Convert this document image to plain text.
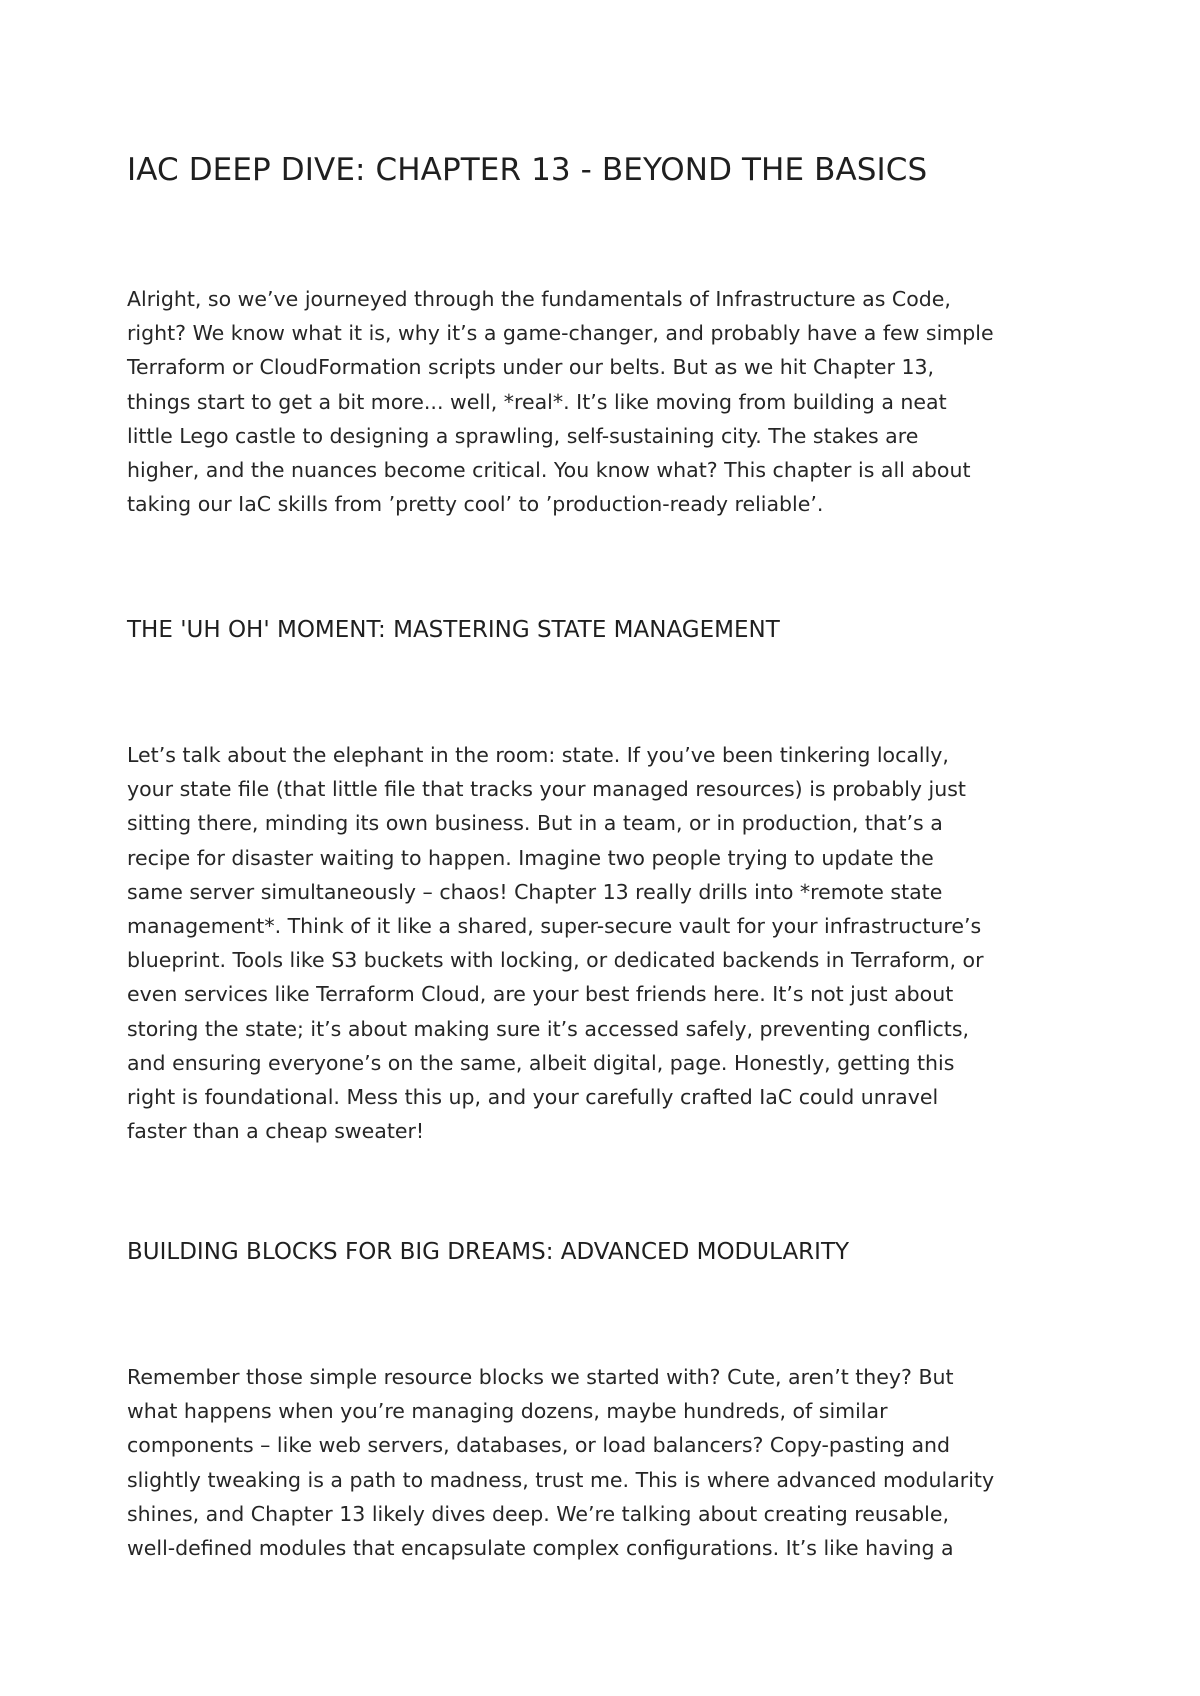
IAC DEEP DIVE: CHAPTER 13 - BEYOND THE BASICS

Alright, so we’ve journeyed through the fundamentals of Infrastructure as Code,
right? We know what it is, why it’s a game-changer, and probably have a few simple
Terraform or CloudFormation scripts under our belts. But as we hit Chapter 13,
things start to get a bit more... well, *real*. It’s like moving from building a neat
little Lego castle to designing a sprawling, self-sustaining city. The stakes are
higher, and the nuances become critical. You know what? This chapter is all about
taking our IaC skills from ’pretty cool’ to ’production-ready reliable’.

THE 'UH OH' MOMENT: MASTERING STATE MANAGEMENT

Let’s talk about the elephant in the room: state. If you’ve been tinkering locally,
your state file (that little file that tracks your managed resources) is probably just
sitting there, minding its own business. But in a team, or in production, that’s a
recipe for disaster waiting to happen. Imagine two people trying to update the
same server simultaneously – chaos! Chapter 13 really drills into *remote state
management*. Think of it like a shared, super-secure vault for your infrastructure’s
blueprint. Tools like S3 buckets with locking, or dedicated backends in Terraform, or
even services like Terraform Cloud, are your best friends here. It’s not just about
storing the state; it’s about making sure it’s accessed safely, preventing conflicts,
and ensuring everyone’s on the same, albeit digital, page. Honestly, getting this
right is foundational. Mess this up, and your carefully crafted IaC could unravel
faster than a cheap sweater!

BUILDING BLOCKS FOR BIG DREAMS: ADVANCED MODULARITY

Remember those simple resource blocks we started with? Cute, aren’t they? But
what happens when you’re managing dozens, maybe hundreds, of similar
components – like web servers, databases, or load balancers? Copy-pasting and
slightly tweaking is a path to madness, trust me. This is where advanced modularity
shines, and Chapter 13 likely dives deep. We’re talking about creating reusable,
well-defined modules that encapsulate complex configurations. It’s like having a
